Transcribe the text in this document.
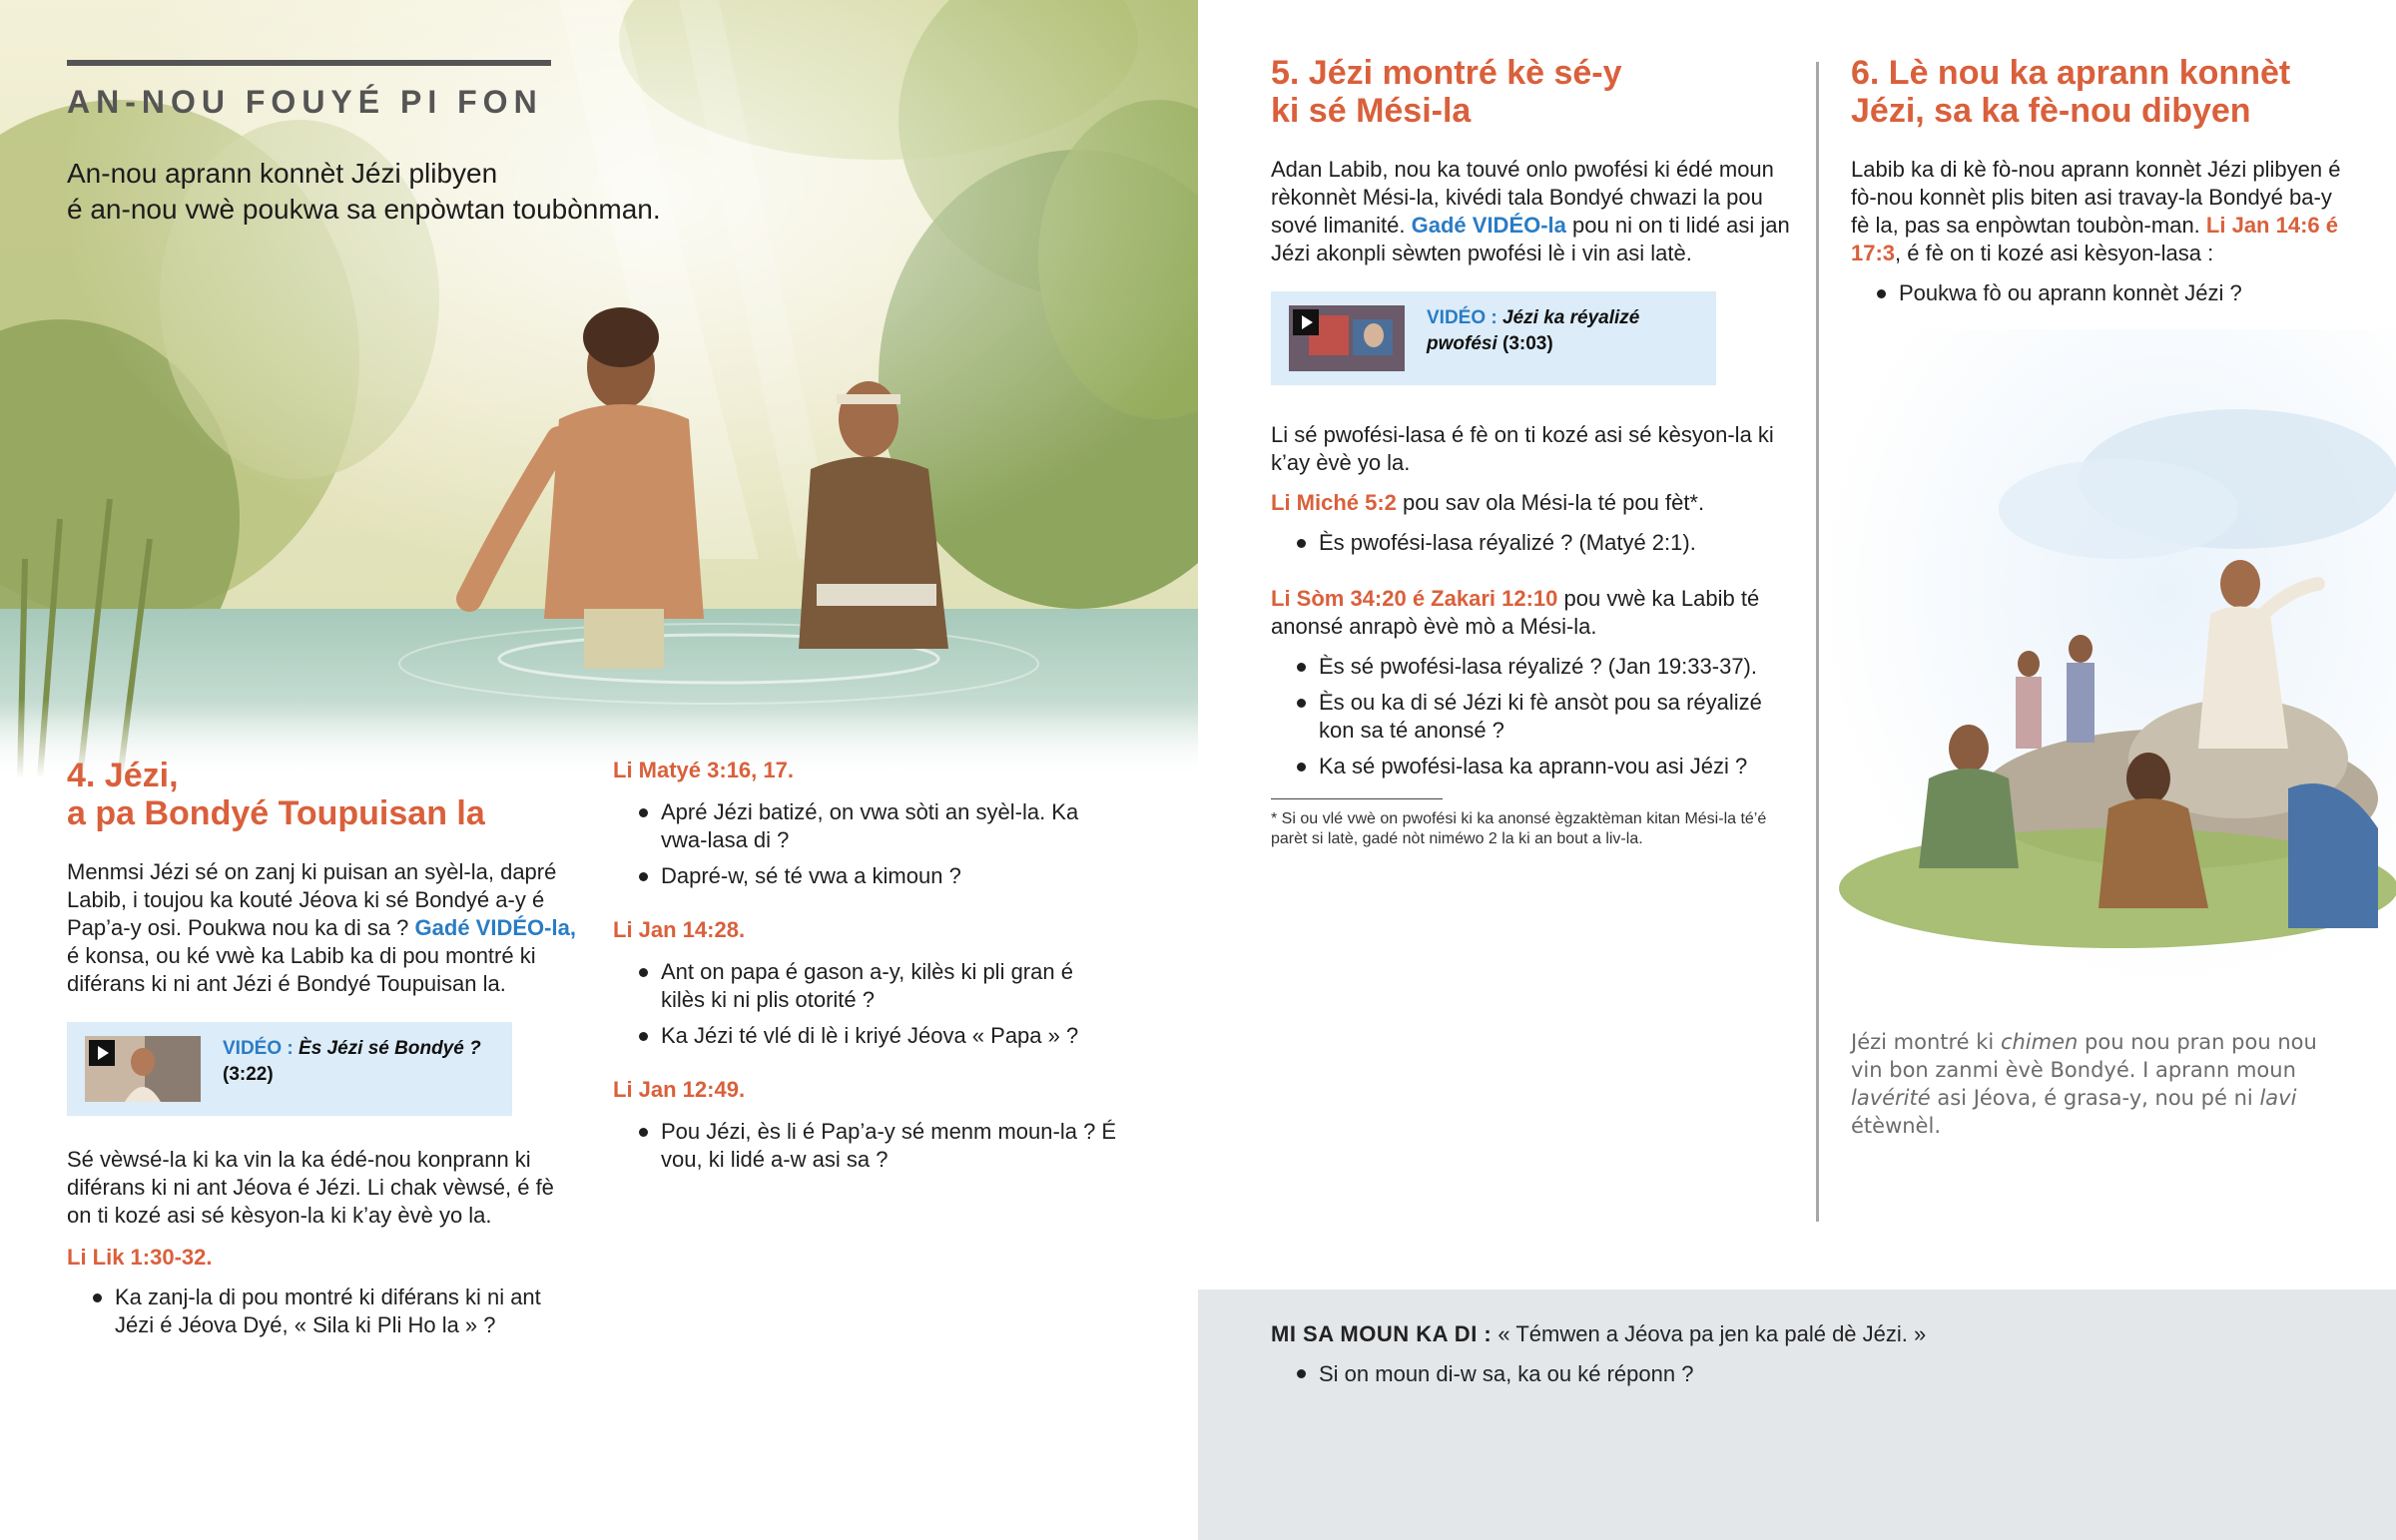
AN-NOU FOUYÉ PI FON
An-nou aprann konnèt Jézi plibyen
é an-nou vwè poukwa sa enpòwtan toubònman.
4. Jézi,
a pa Bondyé Toupuisan la

Menmsi Jézi sé on zanj ki puisan an syèl-la, dapré Labib, i toujou ka kouté Jéova ki sé Bondyé a-y é Pap’a-y osi. Poukwa nou ka di sa ? Gadé VIDÉO-la, é konsa, ou ké vwè ka Labib ka di pou montré ki diférans ki ni ant Jézi é Bondyé Toupuisan la.

VIDÉO : Ès Jézi sé Bondyé ?
(3:22)

Sé vèwsé-la ki ka vin la ka édé-nou konprann ki diférans ki ni ant Jéova é Jézi. Li chak vèwsé, é fè on ti kozé asi sé kèsyon-la ki k’ay èvè yo la.

Li Lik 1:30-32.

Ka zanj-la di pou montré ki diférans ki ni ant Jézi é Jéova Dyé, « Sila ki Pli Ho la » ?

Li Matyé 3:16, 17.

Apré Jézi batizé, on vwa sòti an syèl-la. Ka vwa-lasa di ?
Dapré-w, sé té vwa a kimoun ?

Li Jan 14:28.

Ant on papa é gason a-y, kilès ki pli gran é kilès ki ni plis otorité ?
Ka Jézi té vlé di lè i kriyé Jéova « Papa » ?

Li Jan 12:49.

Pou Jézi, ès li é Pap’a-y sé menm moun-la ? É vou, ki lidé a-w asi sa ?
5. Jézi montré kè sé-y
ki sé Mési-la

Adan Labib, nou ka touvé onlo pwofési ki édé moun rèkonnèt Mési-la, kivédi tala Bondyé chwazi la pou sové limanité. Gadé VIDÉO-la pou ni on ti lidé asi jan Jézi akonpli sèwten pwofési lè i vin asi latè.

VIDÉO : Jézi ka réyalizé pwofési (3:03)

Li sé pwofési-lasa é fè on ti kozé asi sé kèsyon-la ki k’ay èvè yo la.

Li Miché 5:2 pou sav ola Mési-la té pou fèt*.

Ès pwofési-lasa réyalizé ? (Matyé 2:1).

Li Sòm 34:20 é Zakari 12:10 pou vwè ka Labib té anonsé anrapò èvè mò a Mési-la.

Ès sé pwofési-lasa réyalizé ? (Jan 19:33-37).
Ès ou ka di sé Jézi ki fè ansòt pou sa réyalizé kon sa té anonsé ?
Ka sé pwofési-lasa ka aprann-vou asi Jézi ?
* Si ou vlé vwè on pwofési ki ka anonsé ègzaktèman kitan Mési-la té’é parèt si latè, gadé nòt niméwo 2 la ki an bout a liv-la.
6. Lè nou ka aprann konnèt
Jézi, sa ka fè-nou dibyen

Labib ka di kè fò-nou aprann konnèt Jézi plibyen é fò-nou konnèt plis biten asi travay-la Bondyé ba-y fè la, pas sa enpòwtan toubòn-man. Li Jan 14:6 é 17:3, é fè on ti kozé asi kèsyon-lasa :

Poukwa fò ou aprann konnèt Jézi ?
Jézi montré ki chimen pou nou pran pou nou vin bon zanmi èvè Bondyé. I aprann moun lavérité asi Jéova, é grasa-y, nou pé ni lavi étèwnèl.

MI SA MOUN KA DI : « Témwen a Jéova pa jen ka palé dè Jézi. »

Si on moun di-w sa, ka ou ké réponn ?
